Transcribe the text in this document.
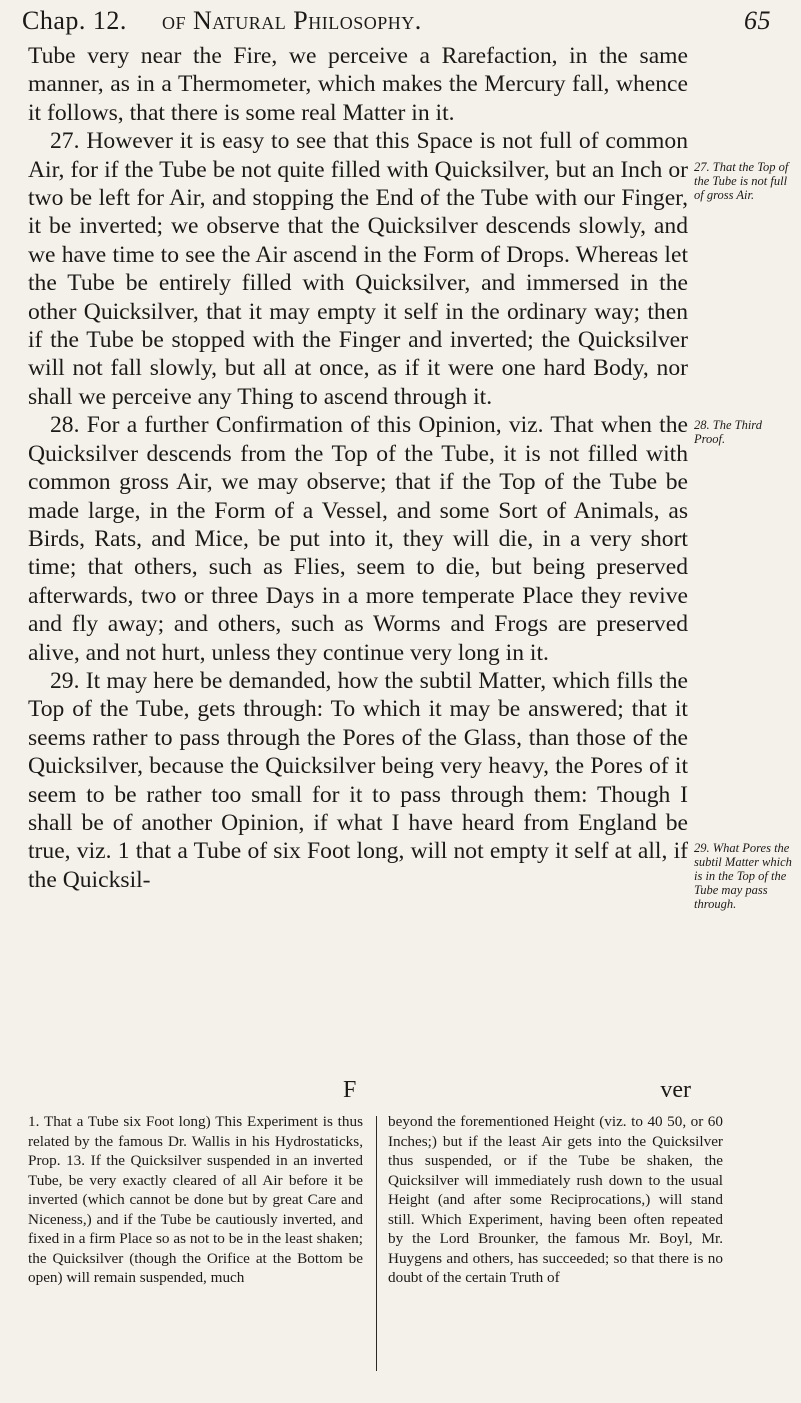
Chap. 12. of Natural Philosophy.	65

Tube very near the Fire, we perceive a Rarefaction, in the same manner, as in a Thermometer, which makes the Mercury fall, whence it follows, that there is some real Matter in it.

27. However it is easy to see that this Space is not full of common Air, for if the Tube be not quite filled with Quicksilver, but an Inch or two be left for Air, and stopping the End of the Tube with our Finger, it be inverted; we observe that the Quicksilver descends slowly, and we have time to see the Air ascend in the Form of Drops. Whereas let the Tube be entirely filled with Quicksilver, and immersed in the other Quicksilver, that it may empty it self in the ordinary way; then if the Tube be stopped with the Finger and inverted; the Quicksilver will not fall slowly, but all at once, as if it were one hard Body, nor shall we perceive any Thing to ascend through it.

28. For a further Confirmation of this Opinion, viz. That when the Quicksilver descends from the Top of the Tube, it is not filled with common gross Air, we may observe; that if the Top of the Tube be made large, in the Form of a Vessel, and some Sort of Animals, as Birds, Rats, and Mice, be put into it, they will die, in a very short time; that others, such as Flies, seem to die, but being preserved afterwards, two or three Days in a more temperate Place they revive and fly away; and others, such as Worms and Frogs are preserved alive, and not hurt, unless they continue very long in it.

29. It may here be demanded, how the subtil Matter, which fills the Top of the Tube, gets through: To which it may be answered; that it seems rather to pass through the Pores of the Glass, than those of the Quicksilver, because the Quicksilver being very heavy, the Pores of it seem to be rather too small for it to pass through them: Though I shall be of another Opinion, if what I have heard from England be true, viz. 1 that a Tube of six Foot long, will not empty it self at all, if the Quicksil-

27. That the Top of the Tube is not full of gross Air.
28. The Third Proof.
29. What Pores the subtil Matter which is in the Top of the Tube may pass through.
F	ver
1. That a Tube six Foot long) This Experiment is thus related by the famous Dr. Wallis in his Hydrostaticks, Prop. 13. If the Quicksilver suspended in an inverted Tube, be very exactly cleared of all Air before it be inverted (which cannot be done but by great Care and Niceness,) and if the Tube be cautiously inverted, and fixed in a firm Place so as not to be in the least shaken; the Quicksilver (though the Orifice at the Bottom be open) will remain suspended, much
beyond the forementioned Height (viz. to 40 50, or 60 Inches;) but if the least Air gets into the Quicksilver thus suspended, or if the Tube be shaken, the Quicksilver will immediately rush down to the usual Height (and after some Reciprocations,) will stand still. Which Experiment, having been often repeated by the Lord Brounker, the famous Mr. Boyl, Mr. Huygens and others, has succeeded; so that there is no doubt of the certain Truth of
